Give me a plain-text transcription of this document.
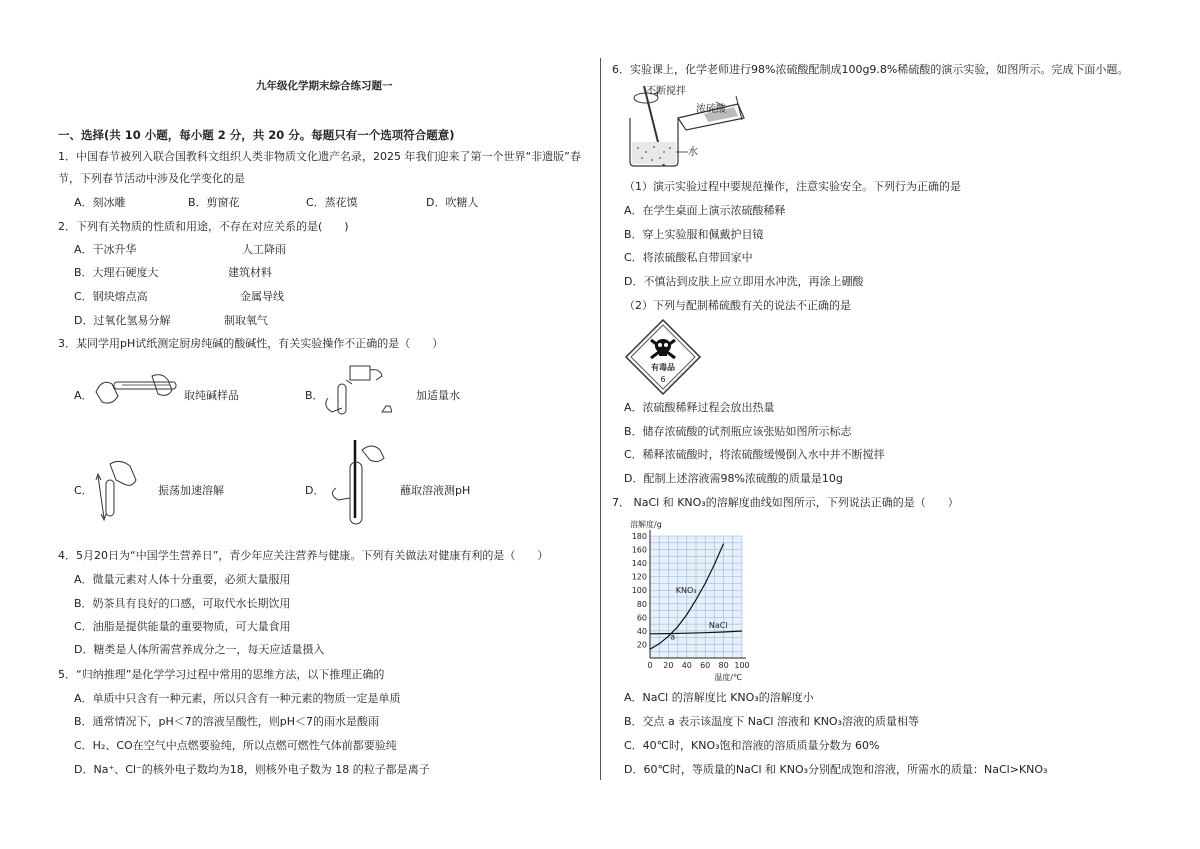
九年级化学期末综合练习题一
一、选择(共 10 小题，每小题 2 分，共 20 分。每题只有一个选项符合题意)
1．中国春节被列入联合国教科文组织人类非物质文化遗产名录，2025 年我们迎来了第一个世界“非遗版”春
节，下列春节活动中涉及化学变化的是
A．刻冰雕	B．剪窗花	C．蒸花馍	D．吹糖人
2．下列有关物质的性质和用途，不存在对应关系的是(　　)
A．干冰升华	人工降雨
B．大理石硬度大	建筑材料
C．钢块熔点高	金属导线
D．过氧化氢易分解	制取氧气
3．某同学用pH试纸测定厨房纯碱的酸碱性，有关实验操作不正确的是（　　）
A．	取纯碱样品	B．	加适量水
C．	振荡加速溶解	D．	蘸取溶液测pH
4．5月20日为“中国学生营养日”，青少年应关注营养与健康。下列有关做法对健康有利的是（　　）
A．微量元素对人体十分重要，必须大量服用
B．奶茶具有良好的口感，可取代水长期饮用
C．油脂是提供能量的重要物质，可大量食用
D．糖类是人体所需营养成分之一，每天应适量摄入
5．“归纳推理”是化学学习过程中常用的思维方法，以下推理正确的
A．单质中只含有一种元素，所以只含有一种元素的物质一定是单质
B．通常情况下，pH＜7的溶液呈酸性，则pH＜7的雨水是酸雨
C．H₂、CO在空气中点燃要验纯，所以点燃可燃性气体前都要验纯
D．Na⁺、Cl⁻的核外电子数均为18，则核外电子数为 18 的粒子都是离子
6．实验课上，化学老师进行98%浓硫酸配制成100g9.8%稀硫酸的演示实验，如图所示。完成下面小题。
不断搅拌
浓硫酸
水
（1）演示实验过程中要规范操作，注意实验安全。下列行为正确的是
A．在学生桌面上演示浓硫酸稀释
B．穿上实验服和佩戴护目镜
C．将浓硫酸私自带回家中
D．不慎沾到皮肤上应立即用水冲洗，再涂上硼酸
（2）下列与配制稀硫酸有关的说法不正确的是
有毒品
6
A．浓硫酸稀释过程会放出热量
B．储存浓硫酸的试剂瓶应该张贴如图所示标志
C．稀释浓硫酸时，将浓硫酸缓慢倒入水中并不断搅拌
D．配制上述溶液需98%浓硫酸的质量是10g
7． NaCl 和 KNO₃的溶解度曲线如图所示，下列说法正确的是（　　）
20
40
60
80
100
120
140
160
180
0 20 40 60 80 100
溶解度/g
温度/℃
KNO₃
NaCl
a
A．NaCl 的溶解度比 KNO₃的溶解度小
B．交点 a 表示该温度下 NaCl 溶液和 KNO₃溶液的质量相等
C．40℃时，KNO₃饱和溶液的溶质质量分数为 60%
D．60℃时，等质量的NaCl 和 KNO₃分别配成饱和溶液，所需水的质量：NaCl>KNO₃
